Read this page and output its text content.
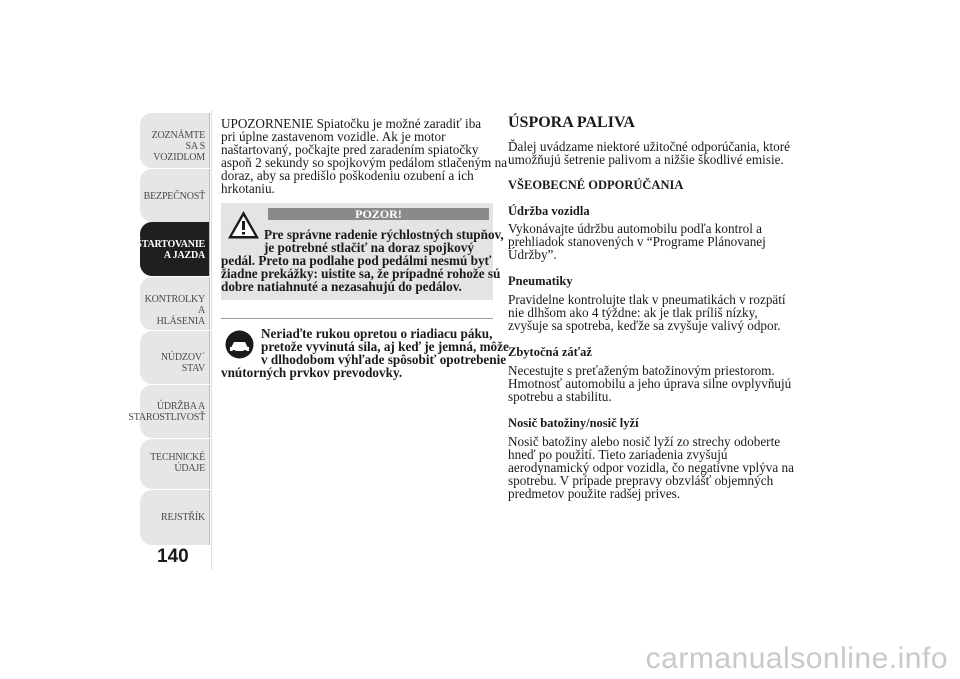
ZOZNÁMTE SA S
VOZIDLOM
BEZPEČNOSŤ
NAŠTARTOVANIE
A JAZDA
KONTROLKY A
HLÁSENIA
NÚDZOV´ STAV
ÚDRŽBA A
STAROSTLIVOSŤ
TECHNICKÉ
ÚDAJE
REJSTŘÍK
140
UPOZORNENIE Spiatočku je možné zaradiť iba
pri úplne zastavenom vozidle. Ak je motor
naštartovaný, počkajte pred zaradením spiatočky
aspoň 2 sekundy so spojkovým pedálom stlačeným na
doraz, aby sa predišlo poškodeniu ozubení a ich
hrkotaniu.
POZOR!
Pre správne radenie rýchlostných stupňov,
je potrebné stlačiť na doraz spojkový
pedál. Preto na podlahe pod pedálmi nesmú byť
žiadne prekážky: uistite sa, že prípadné rohože sú
dobre natiahnuté a nezasahujú do pedálov.
Neriaďte rukou opretou o riadiacu páku,
pretože vyvinutá sila, aj keď je jemná, môže
v dlhodobom výhľade spôsobiť opotrebenie
vnútorných prvkov prevodovky.
ÚSPORA PALIVA
Ďalej uvádzame niektoré užitočné odporúčania, ktoré
umožňujú šetrenie palivom a nižšie škodlivé emisie.
VŠEOBECNÉ ODPORÚČANIA
Údržba vozidla
Vykonávajte údržbu automobilu podľa kontrol a
prehliadok stanovených v “Programe Plánovanej
Údržby”.
Pneumatiky
Pravidelne kontrolujte tlak v pneumatikách v rozpätí
nie dlhšom ako 4 týždne: ak je tlak príliš nízky,
zvyšuje sa spotreba, keďže sa zvyšuje valivý odpor.
Zbytočná záťaž
Necestujte s preťaženým batožinovým priestorom.
Hmotnosť automobilu a jeho úprava silne ovplyvňujú
spotrebu a stabilitu.
Nosič batožiny/nosič lyží
Nosič batožiny alebo nosič lyží zo strechy odoberte
hneď po použití. Tieto zariadenia zvyšujú
aerodynamický odpor vozidla, čo negatívne vplýva na
spotrebu. V prípade prepravy obzvlášť objemných
predmetov použite radšej prives.
carmanualsonline.info
